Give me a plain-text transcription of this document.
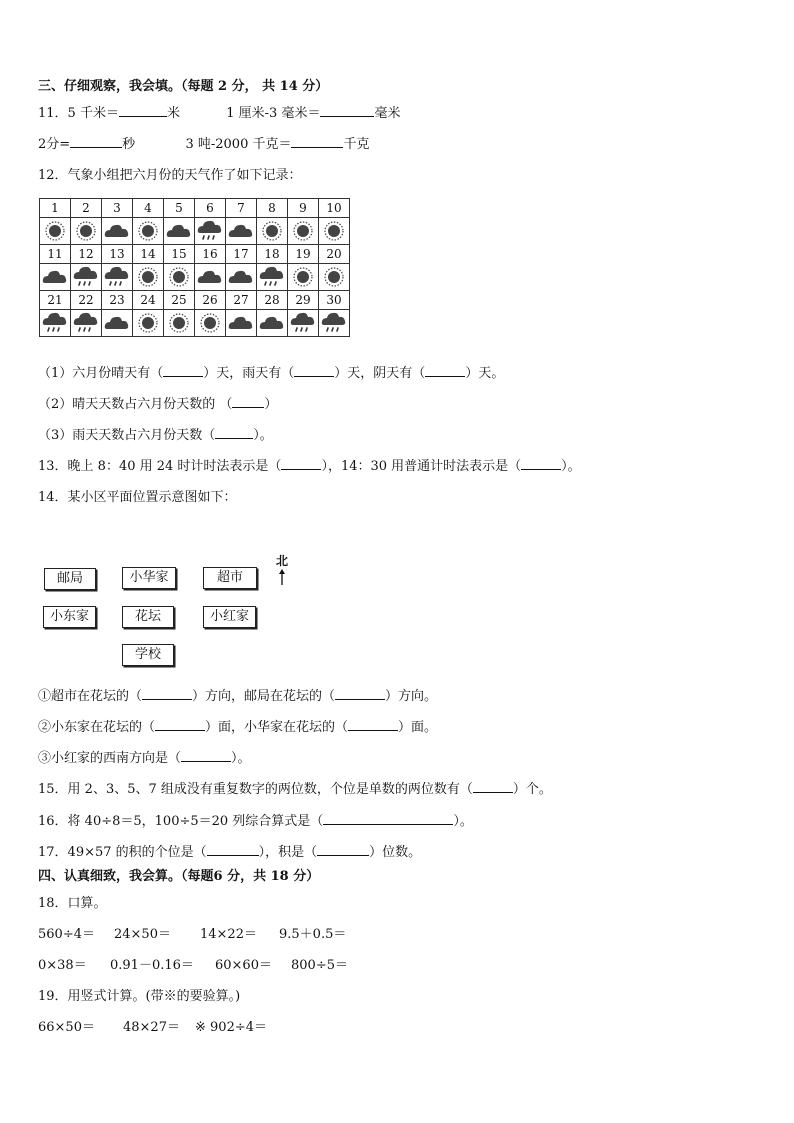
三、仔细观察，我会填。（每题 2 分， 共 14 分）
11．5 千米＝	米	1 厘米-3 毫米＝	毫米
2分=	秒	3 吨-2000 千克＝	千克
12．气象小组把六月份的天气作了如下记录：
1	2	3	4	5	6	7	8	9	10

11	12	13	14	15	16	17	18	19	20

21	22	23	24	25	26	27	28	29	30

（1）六月份晴天有（	）天，雨天有（	）天，阴天有（	）天。
（2）晴天天数占六月份天数的 （ ）
（3）雨天天数占六月份天数（	）。
13．晚上 8：40 用 24 时计时法表示是（	），14：30 用普通计时法表示是（	）。
14．某小区平面位置示意图如下：
北
邮局	小华家	超市
小东家	花坛	小红家
学校
①超市在花坛的（	）方向，邮局在花坛的（	）方向。
②小东家在花坛的（	）面，小华家在花坛的（	）面。
③小红家的西南方向是（	）。
15．用 2、3、5、7 组成没有重复数字的两位数，个位是单数的两位数有（	）个。
16．将 40÷8＝5，100÷5＝20 列综合算式是（	）。
17．49×57 的积的个位是（	），积是（	）位数。
四、认真细致，我会算。（每题6 分，共 18 分）
18．口算。
560÷4＝ 24×50＝ 14×22＝ 9.5＋0.5＝
0×38＝ 0.91－0.16＝ 60×60＝ 800÷5＝
19．用竖式计算。(带※的要验算。)
66×50＝ 48×27＝ ※ 902÷4＝
